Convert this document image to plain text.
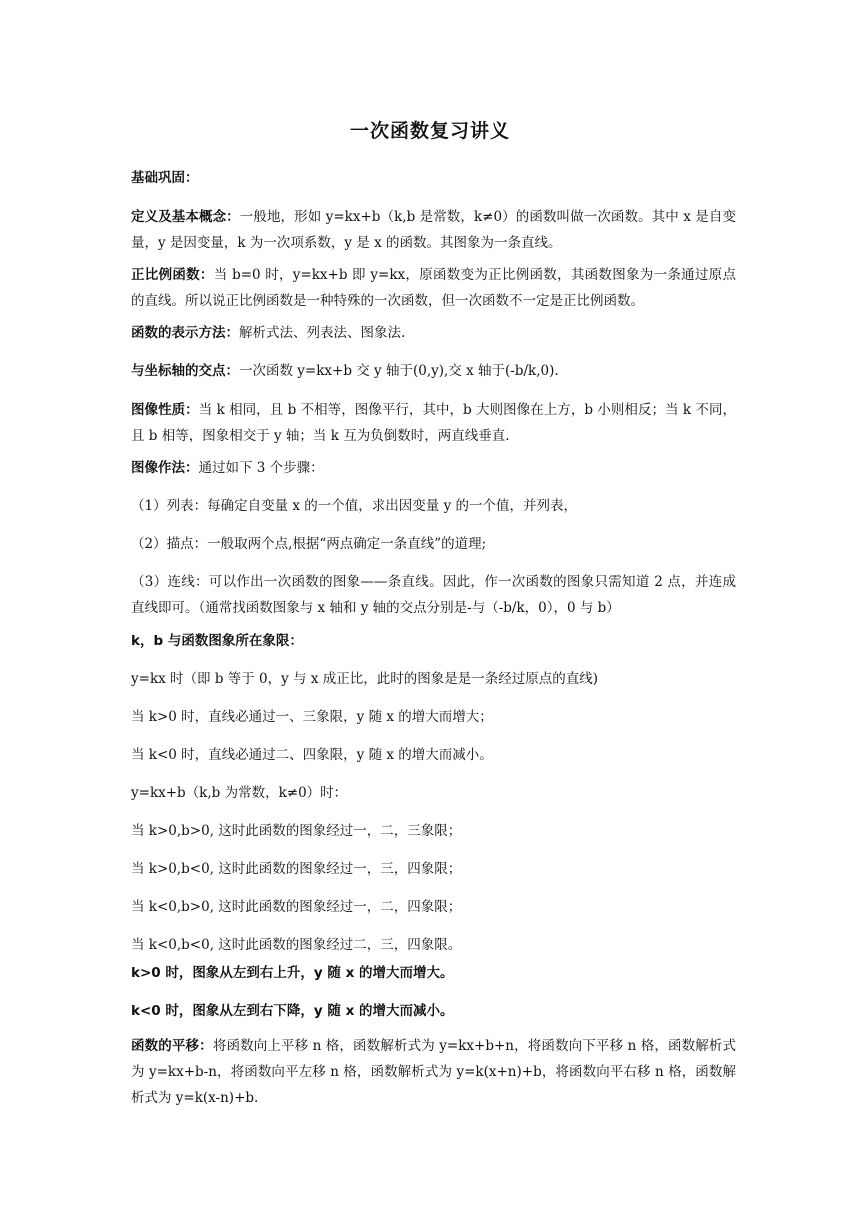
一次函数复习讲义

基础巩固：

定义及基本概念：一般地，形如 y=kx+b（k,b 是常数，k≠0）的函数叫做一次函数。其中 x 是自变量，y 是因变量，k 为一次项系数，y 是 x 的函数。其图象为一条直线。

正比例函数：当 b=0 时，y=kx+b 即 y=kx，原函数变为正比例函数，其函数图象为一条通过原点的直线。所以说正比例函数是一种特殊的一次函数，但一次函数不一定是正比例函数。

函数的表示方法：解析式法、列表法、图象法.

与坐标轴的交点：一次函数 y=kx+b 交 y 轴于(0,y),交 x 轴于(-b/k,0).

图像性质：当 k 相同，且 b 不相等，图像平行，其中，b 大则图像在上方，b 小则相反；当 k 不同，且 b 相等，图象相交于 y 轴；当 k 互为负倒数时，两直线垂直.

图像作法：通过如下 3 个步骤：

（1）列表：每确定自变量 x 的一个值，求出因变量 y 的一个值，并列表，

（2）描点：一般取两个点,根据“两点确定一条直线”的道理;

（3）连线：可以作出一次函数的图象——条直线。因此，作一次函数的图象只需知道 2 点，并连成直线即可。（通常找函数图象与 x 轴和 y 轴的交点分别是-与（-b/k，0），0 与 b）

k，b 与函数图象所在象限：

y=kx 时（即 b 等于 0，y 与 x 成正比，此时的图象是是一条经过原点的直线)

当 k>0 时，直线必通过一、三象限，y 随 x 的增大而增大；

当 k<0 时，直线必通过二、四象限，y 随 x 的增大而减小。

y=kx+b（k,b 为常数，k≠0）时：

当 k>0,b>0, 这时此函数的图象经过一，二，三象限；

当 k>0,b<0, 这时此函数的图象经过一，三，四象限；

当 k<0,b>0, 这时此函数的图象经过一，二，四象限；

当 k<0,b<0, 这时此函数的图象经过二，三，四象限。

k>0 时，图象从左到右上升，y 随 x 的增大而增大。

k<0 时，图象从左到右下降，y 随 x 的增大而减小。

函数的平移：将函数向上平移 n 格，函数解析式为 y=kx+b+n，将函数向下平移 n 格，函数解析式为 y=kx+b-n，将函数向平左移 n 格，函数解析式为 y=k(x+n)+b，将函数向平右移 n 格，函数解析式为 y=k(x-n)+b.
